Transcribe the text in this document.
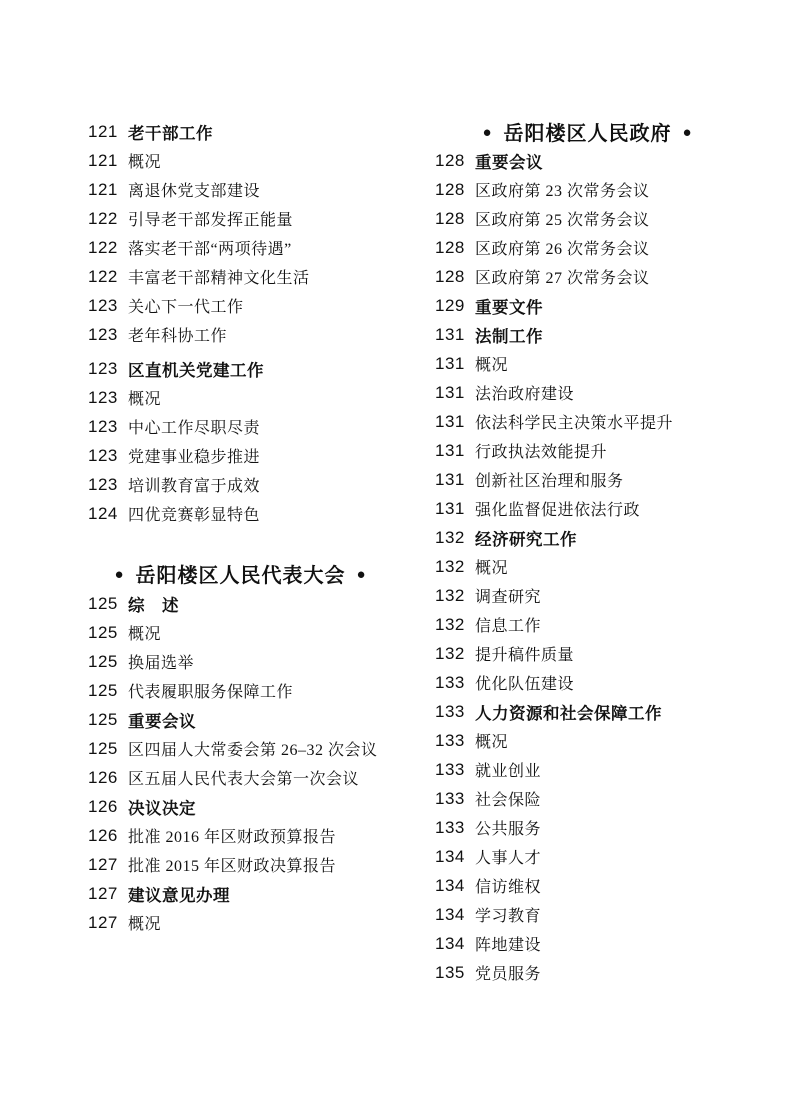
121 老干部工作
121 概况
121 离退休党支部建设
122 引导老干部发挥正能量
122 落实老干部“两项待遇”
122 丰富老干部精神文化生活
123 关心下一代工作
123 老年科协工作
123 区直机关党建工作
123 概况
123 中心工作尽职尽责
123 党建事业稳步推进
123 培训教育富于成效
124 四优竞赛彰显特色
● 岳阳楼区人民代表大会 ●
125 综　述
125 概况
125 换届选举
125 代表履职服务保障工作
125 重要会议
125 区四届人大常委会第 26–32 次会议
126 区五届人民代表大会第一次会议
126 决议决定
126 批准 2016 年区财政预算报告
127 批准 2015 年区财政决算报告
127 建议意见办理
127 概况
● 岳阳楼区人民政府 ●
128 重要会议
128 区政府第 23 次常务会议
128 区政府第 25 次常务会议
128 区政府第 26 次常务会议
128 区政府第 27 次常务会议
129 重要文件
131 法制工作
131 概况
131 法治政府建设
131 依法科学民主决策水平提升
131 行政执法效能提升
131 创新社区治理和服务
131 强化监督促进依法行政
132 经济研究工作
132 概况
132 调查研究
132 信息工作
132 提升稿件质量
133 优化队伍建设
133 人力资源和社会保障工作
133 概况
133 就业创业
133 社会保险
133 公共服务
134 人事人才
134 信访维权
134 学习教育
134 阵地建设
135 党员服务
